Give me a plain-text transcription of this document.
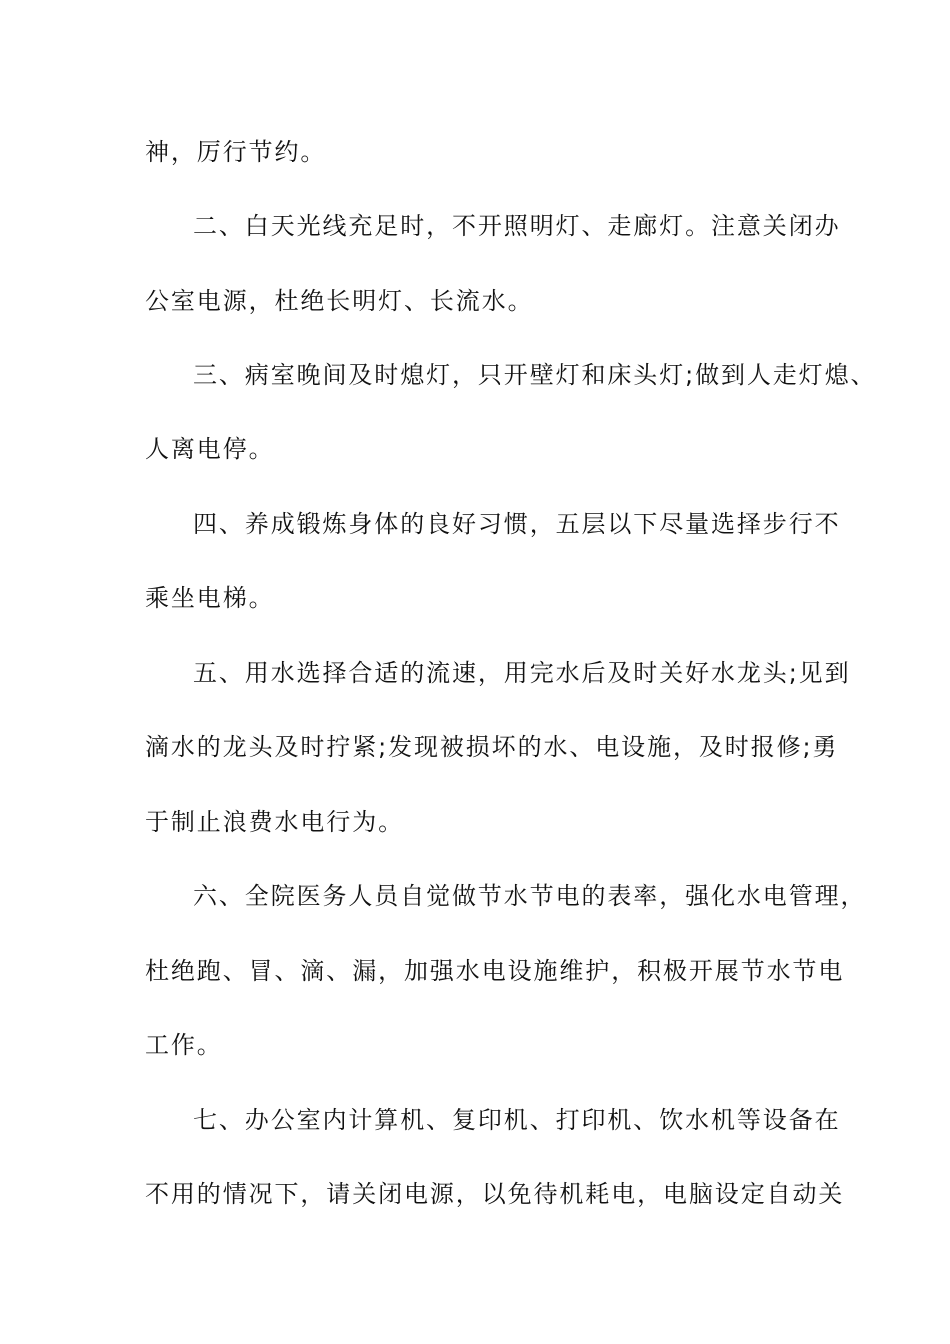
神，厉行节约。
二、白天光线充足时，不开照明灯、走廊灯。注意关闭办
公室电源，杜绝长明灯、长流水。
三、病室晚间及时熄灯，只开壁灯和床头灯;做到人走灯熄、
人离电停。
四、养成锻炼身体的良好习惯，五层以下尽量选择步行不
乘坐电梯。
五、用水选择合适的流速，用完水后及时关好水龙头;见到
滴水的龙头及时拧紧;发现被损坏的水、电设施，及时报修;勇
于制止浪费水电行为。
六、全院医务人员自觉做节水节电的表率，强化水电管理，
杜绝跑、冒、滴、漏，加强水电设施维护，积极开展节水节电
工作。
七、办公室内计算机、复印机、打印机、饮水机等设备在
不用的情况下，请关闭电源，以免待机耗电，电脑设定自动关
